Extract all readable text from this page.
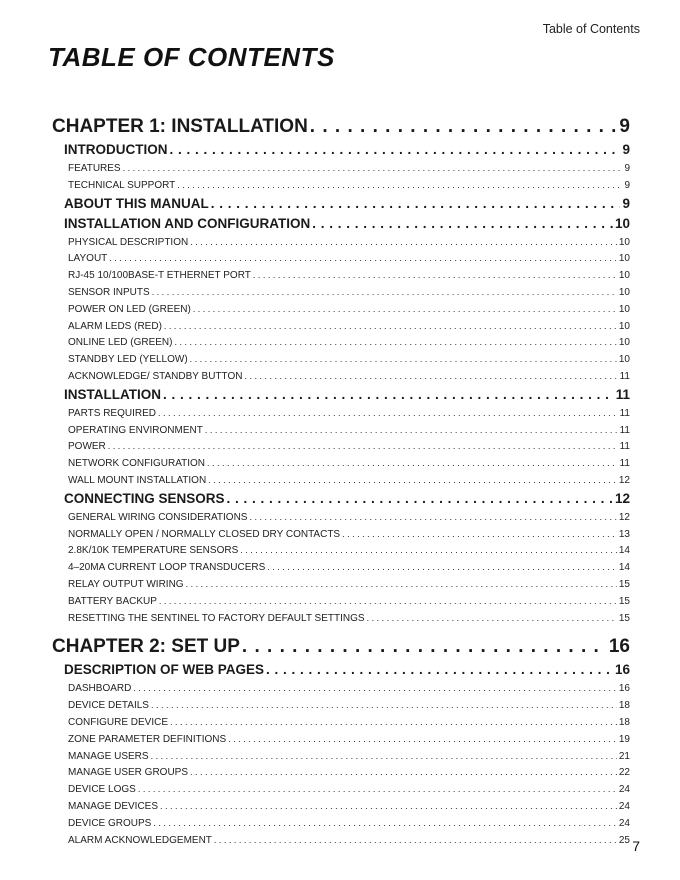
Table of Contents
TABLE OF CONTENTS
CHAPTER 1: INSTALLATION . . .	9
INTRODUCTION . . .	9
FEATURES . . .	9
TECHNICAL SUPPORT . . .	9
ABOUT THIS MANUAL . . .	9
INSTALLATION AND CONFIGURATION . . .	10
PHYSICAL DESCRIPTION . . .	10
LAYOUT . . .	10
RJ-45 10/100BASE-T ETHERNET PORT . . .	10
SENSOR INPUTS . . .	10
POWER ON LED (GREEN) . . .	10
ALARM LEDS (RED) . . .	10
ONLINE LED (GREEN) . . .	10
STANDBY LED (YELLOW) . . .	10
ACKNOWLEDGE/ STANDBY BUTTON . . .	11
INSTALLATION . . .	11
PARTS REQUIRED . . .	11
OPERATING ENVIRONMENT . . .	11
POWER . . .	11
NETWORK CONFIGURATION . . .	11
WALL MOUNT INSTALLATION . . .	12
CONNECTING SENSORS . . .	12
GENERAL WIRING CONSIDERATIONS . . .	12
NORMALLY OPEN / NORMALLY CLOSED DRY CONTACTS . . .	13
2.8K/10K TEMPERATURE SENSORS . . .	14
4–20MA CURRENT LOOP TRANSDUCERS . . .	14
RELAY OUTPUT WIRING . . .	15
BATTERY BACKUP . . .	15
RESETTING THE SENTINEL TO FACTORY DEFAULT SETTINGS . . .	15
CHAPTER 2: SET UP . . .	16
DESCRIPTION OF WEB PAGES . . .	16
DASHBOARD . . .	16
DEVICE DETAILS . . .	18
CONFIGURE DEVICE . . .	18
ZONE PARAMETER DEFINITIONS . . .	19
MANAGE USERS . . .	21
MANAGE USER GROUPS . . .	22
DEVICE LOGS . . .	24
MANAGE DEVICES . . .	24
DEVICE GROUPS . . .	24
ALARM ACKNOWLEDGEMENT . . .	25 7
